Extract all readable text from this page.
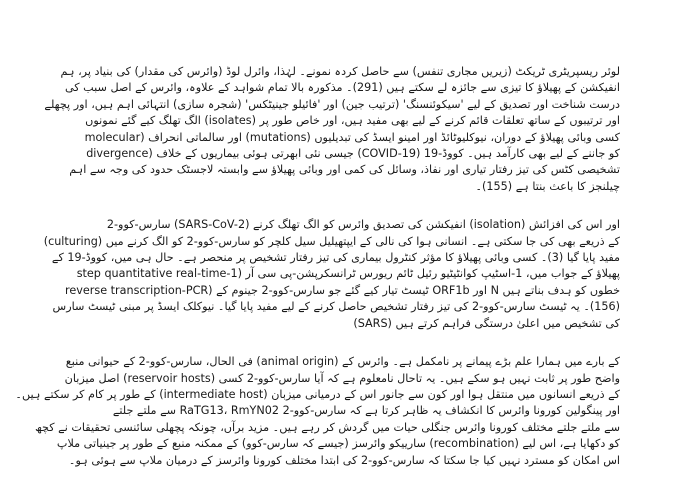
لوئر ریسپریٹری ٹریکٹ (زیریں مجاری تنفس) سے حاصل کردہ نمونے۔ لہٰذا، وائرل لوڈ (وائرس کی مقدار) کی بنیاد پر، ہم
انفیکشن کے پھیلاؤ کا تیزی سے جائزہ لے سکتے ہیں (291)۔ مذکورہ بالا تمام شواہد کے علاوہ، وائرس کے اصل سبب کی
درست شناخت اور تصدیق کے لیے 'سیکوئنسنگ' (ترتیب جین) اور 'فائیلو جینیٹکس' (شجرہ سازی) انتہائی اہم ہیں، اور پچھلے
اور ترتیبوں کے ساتھ تعلقات قائم کرنے کے لیے بھی مفید ہیں، اور خاص طور پر (isolates) الگ تھلگ کیے گئے نمونوں
molecular) اور سالماتی انحراف (mutations) کسی وبائی پھیلاؤ کے دوران، نیوکلیوٹائڈ اور امینو ایسڈ کی تبدیلیوں
divergence) جیسی نئی ابھرتی ہوئی بیماریوں کے خلاف (COVID-19) کو جاننے کے لیے بھی کارآمد ہیں۔ کووڈ-19
تشخیصی کٹس کی تیز رفتار تیاری اور نفاذ، وسائل کی کمی اور وبائی پھیلاؤ سے وابستہ لاجسٹک حدود کی وجہ سے اہم
چیلنجز کا باعث بنتا ہے (155)۔
اور اس کی افزائش (isolation) انفیکشن کی تصدیق وائرس کو الگ تھلگ کرنے (SARS-CoV-2) سارس-کوو-2
کے ذریعے بھی کی جا سکتی ہے۔ انسانی ہوا کی نالی کے ایپتھیلیل سیل کلچر کو سارس-کوو-2 کو الگ کرنے میں (culturing)
مفید پایا گیا (3)۔ کسی وبائی پھیلاؤ کا مؤثر کنٹرول بیماری کی تیز رفتار تشخیص پر منحصر ہے۔ حال ہی میں، کووڈ-19 کے
step quantitative real-time-پھیلاؤ کے جواب میں، 1-اسٹیپ کوانٹیٹیو رئیل ٹائم ریورس ٹرانسکرپشن-پی سی آر (1
reverse transcription-PCR) ٹیسٹ تیار کیے گئے جو سارس-کوو-2 جینوم کے ORF1b اور N خطوں کو ہدف بناتے ہیں
(156)۔ یہ ٹیسٹ سارس-کوو-2 کی تیز رفتار تشخیص حاصل کرنے کے لیے مفید پایا گیا۔ نیوکلک ایسڈ پر مبنی ٹیسٹ سارس
(SARS) کی تشخیص میں اعلیٰ درستگی فراہم کرتے ہیں
کے بارے میں ہمارا علم بڑے پیمانے پر نامکمل ہے۔ وائرس کے (animal origin) فی الحال، سارس-کوو-2 کے حیوانی منبع
واضح طور پر ثابت نہیں ہو سکے ہیں۔ یہ تاحال نامعلوم ہے کہ آیا سارس-کوو-2 کسی (reservoir hosts) اصل میزبان
کے ذریعے انسانوں میں منتقل ہوا اور کون سے جانور اس کے درمیانی میزبان (intermediate host) کے طور پر کام کر سکتے ہیں۔
اور پینگولین کورونا وائرس کا انکشاف یہ ظاہر کرتا ہے کہ سارس-کوو-2 RaTG13، RmYN02 سے ملتے جلتے
سے ملتے جلتے مختلف کورونا وائرس جنگلی حیات میں گردش کر رہے ہیں۔ مزید برآں، چونکہ پچھلی سائنسی تحقیقات نے کچھ
کو دکھایا ہے، اس لیے (recombination) سارییکو وائرسز (جیسے کہ سارس-کوو) کے ممکنہ منبع کے طور پر جینیاتی ملاپ
اس امکان کو مسترد نہیں کیا جا سکتا کہ سارس-کوو-2 کی ابتدا مختلف کورونا وائرسز کے درمیان ملاپ سے ہوئی ہو۔
